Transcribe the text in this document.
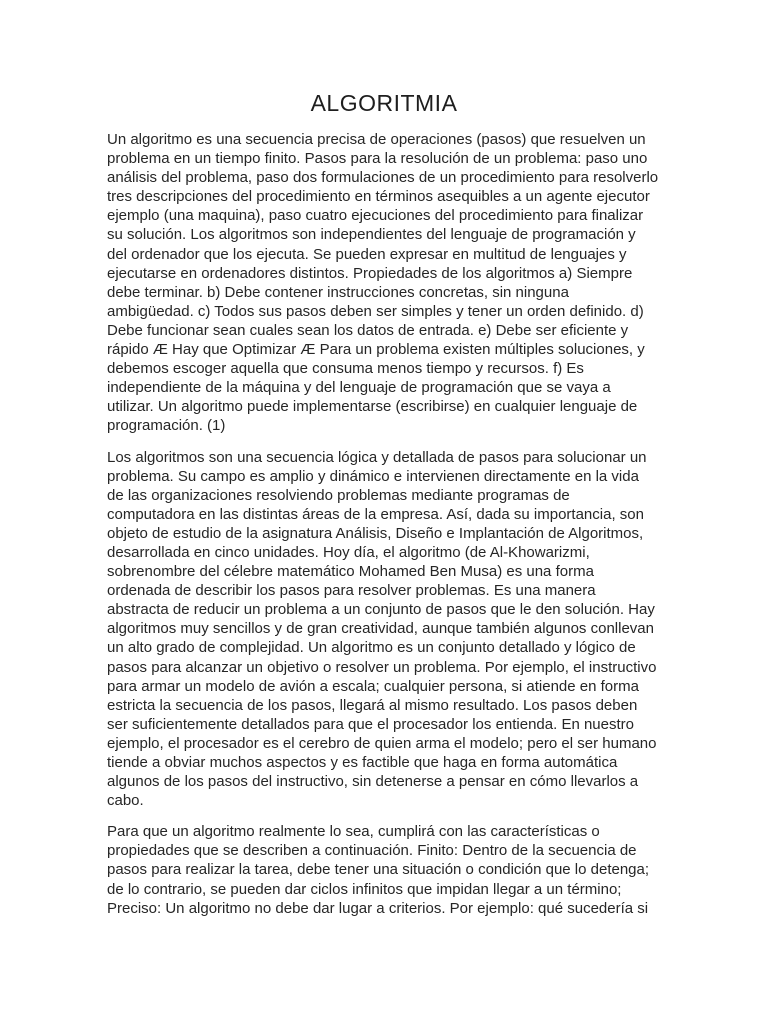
ALGORITMIA

Un algoritmo es una secuencia precisa de operaciones (pasos) que resuelven un
problema en un tiempo finito. Pasos para la resolución de un problema: paso uno
análisis del problema, paso dos formulaciones de un procedimiento para resolverlo
tres descripciones del procedimiento en términos asequibles a un agente ejecutor
ejemplo (una maquina), paso cuatro ejecuciones del procedimiento para finalizar
su solución. Los algoritmos son independientes del lenguaje de programación y
del ordenador que los ejecuta. Se pueden expresar en multitud de lenguajes y
ejecutarse en ordenadores distintos. Propiedades de los algoritmos a) Siempre
debe terminar. b) Debe contener instrucciones concretas, sin ninguna
ambigüedad. c) Todos sus pasos deben ser simples y tener un orden definido. d)
Debe funcionar sean cuales sean los datos de entrada. e) Debe ser eficiente y
rápido Æ Hay que Optimizar Æ Para un problema existen múltiples soluciones, y
debemos escoger aquella que consuma menos tiempo y recursos. f) Es
independiente de la máquina y del lenguaje de programación que se vaya a
utilizar. Un algoritmo puede implementarse (escribirse) en cualquier lenguaje de
programación. (1)

Los algoritmos son una secuencia lógica y detallada de pasos para solucionar un
problema. Su campo es amplio y dinámico e intervienen directamente en la vida
de las organizaciones resolviendo problemas mediante programas de
computadora en las distintas áreas de la empresa. Así, dada su importancia, son
objeto de estudio de la asignatura Análisis, Diseño e Implantación de Algoritmos,
desarrollada en cinco unidades. Hoy día, el algoritmo (de Al-Khowarizmi,
sobrenombre del célebre matemático Mohamed Ben Musa) es una forma
ordenada de describir los pasos para resolver problemas. Es una manera
abstracta de reducir un problema a un conjunto de pasos que le den solución. Hay
algoritmos muy sencillos y de gran creatividad, aunque también algunos conllevan
un alto grado de complejidad. Un algoritmo es un conjunto detallado y lógico de
pasos para alcanzar un objetivo o resolver un problema. Por ejemplo, el instructivo
para armar un modelo de avión a escala; cualquier persona, si atiende en forma
estricta la secuencia de los pasos, llegará al mismo resultado. Los pasos deben
ser suficientemente detallados para que el procesador los entienda. En nuestro
ejemplo, el procesador es el cerebro de quien arma el modelo; pero el ser humano
tiende a obviar muchos aspectos y es factible que haga en forma automática
algunos de los pasos del instructivo, sin detenerse a pensar en cómo llevarlos a
cabo.

Para que un algoritmo realmente lo sea, cumplirá con las características o
propiedades que se describen a continuación. Finito: Dentro de la secuencia de
pasos para realizar la tarea, debe tener una situación o condición que lo detenga;
de lo contrario, se pueden dar ciclos infinitos que impidan llegar a un término;
Preciso: Un algoritmo no debe dar lugar a criterios. Por ejemplo: qué sucedería si
